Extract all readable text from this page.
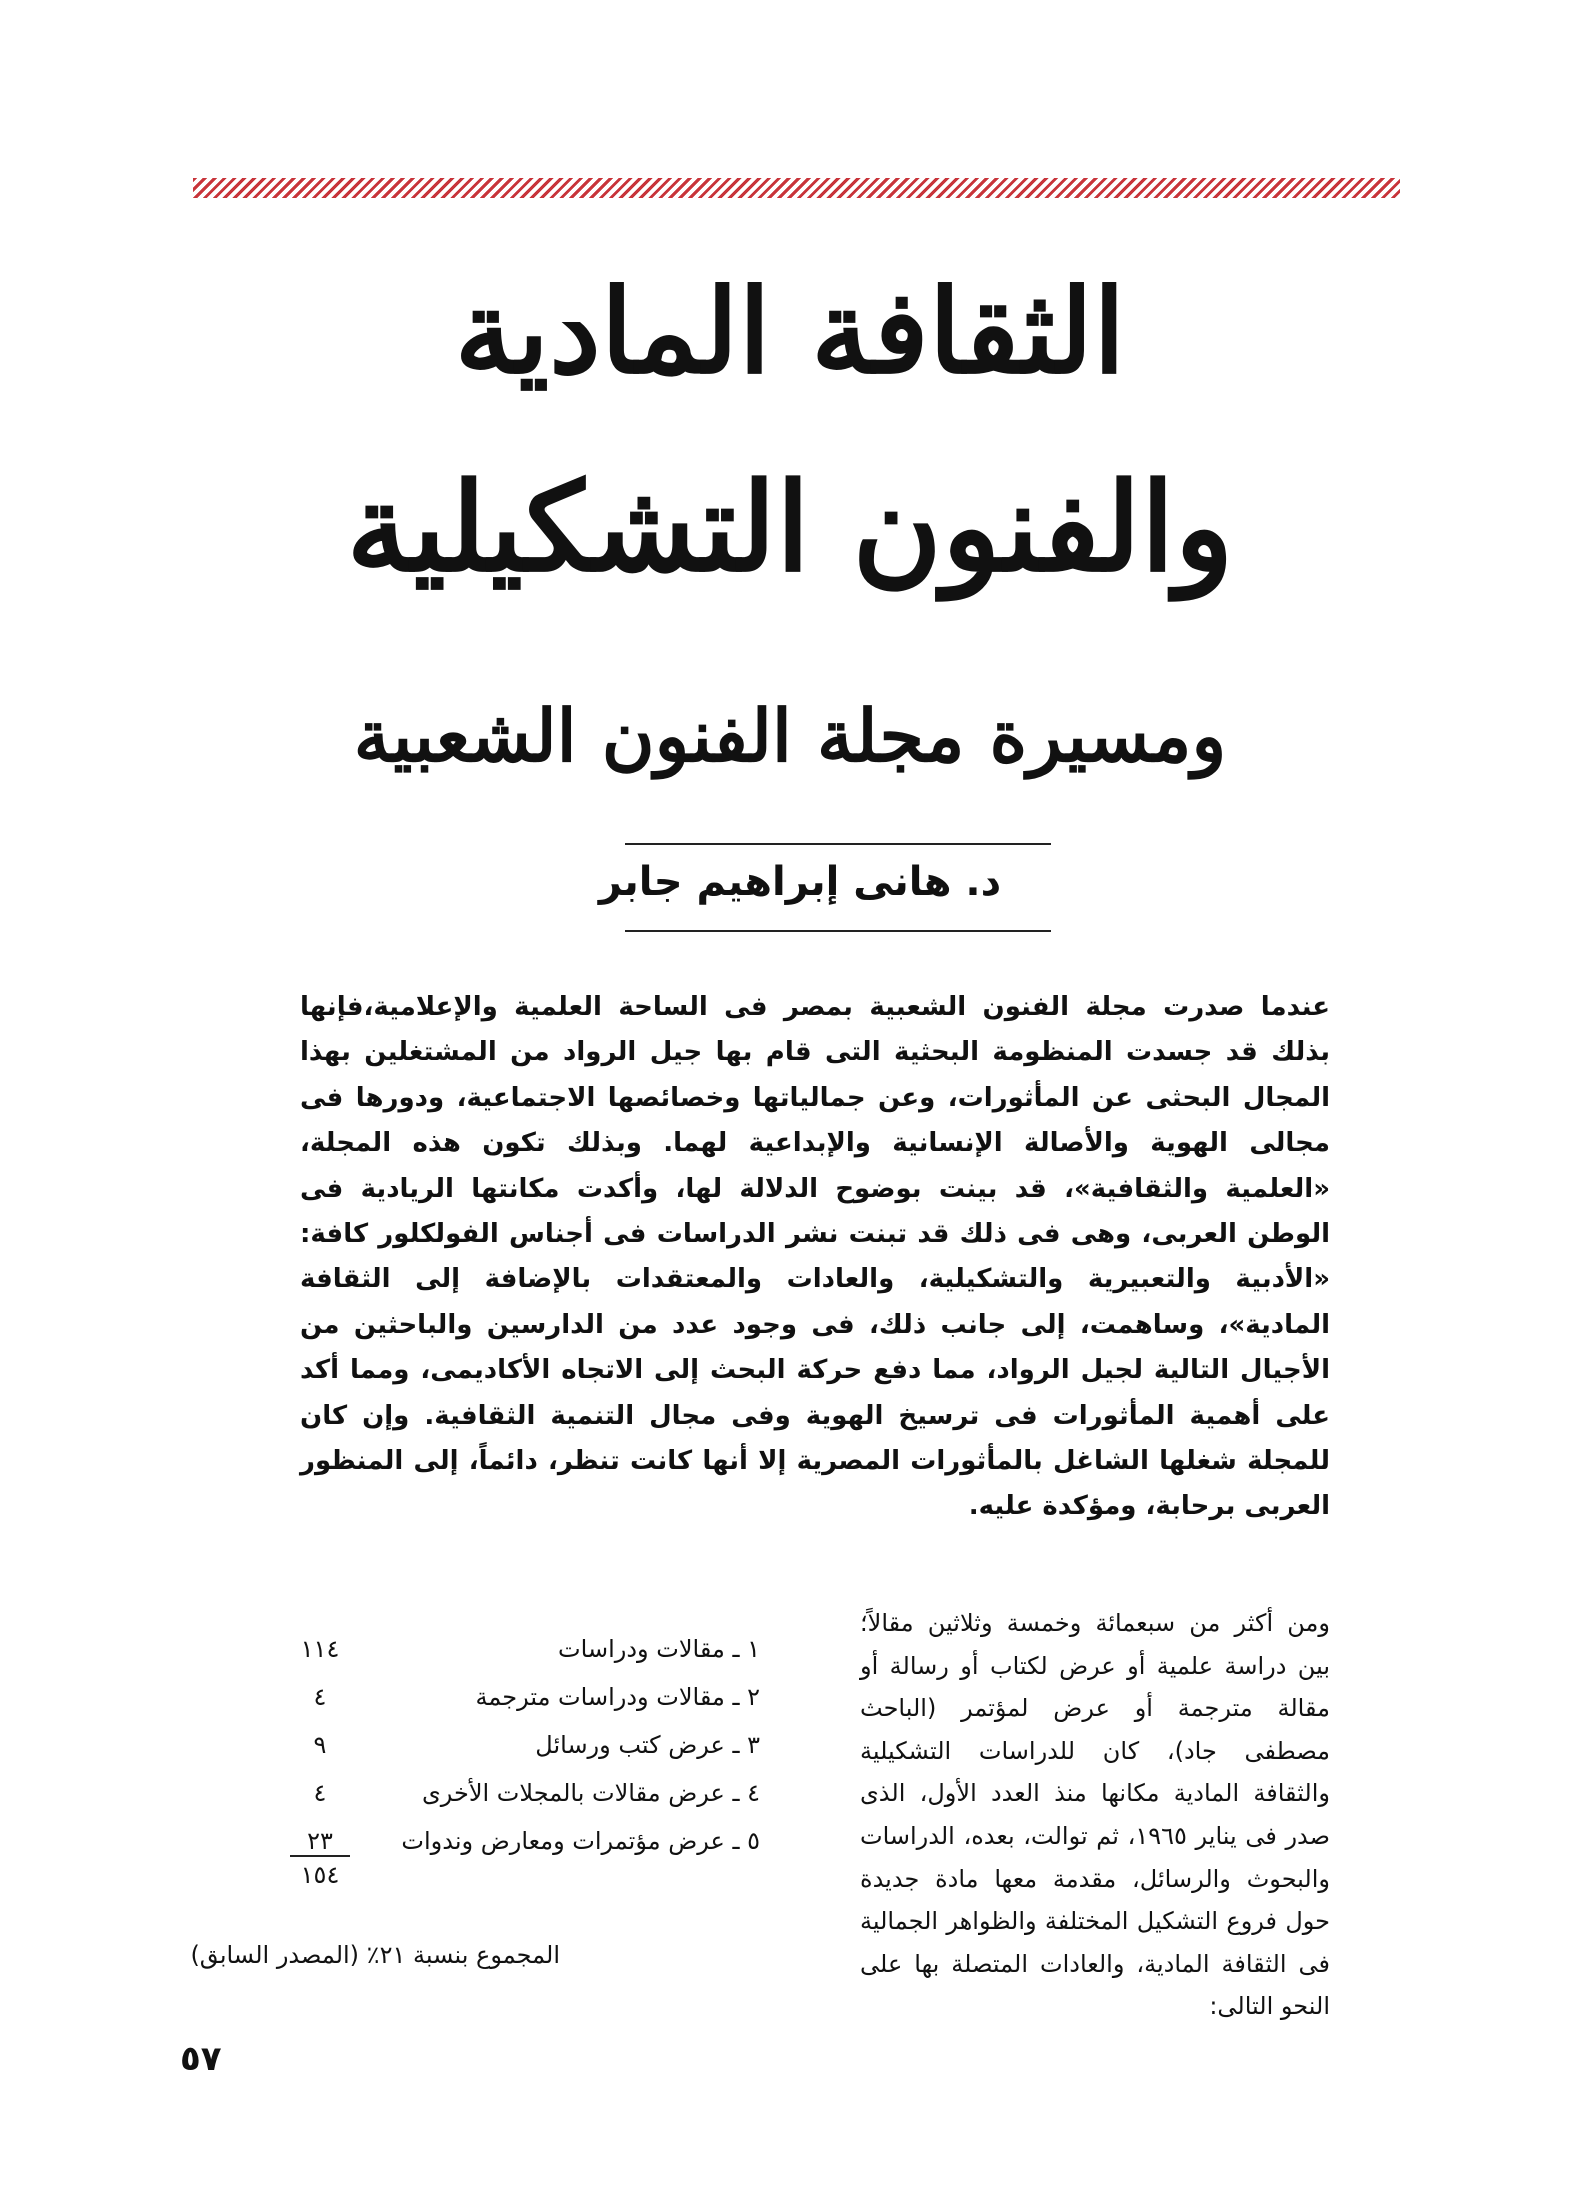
الثقافة المادية
والفنون التشكيلية
ومسيرة مجلة الفنون الشعبية
د. هانى إبراهيم جابر
عندما صدرت مجلة الفنون الشعبية بمصر فى الساحة العلمية والإعلامية،فإنها بذلك قد جسدت المنظومة البحثية التى قام بها جيل الرواد من المشتغلين بهذا المجال البحثى عن المأثورات، وعن جمالياتها وخصائصها الاجتماعية، ودورها فى مجالى الهوية والأصالة الإنسانية والإبداعية لهما. وبذلك تكون هذه المجلة، «العلمية والثقافية»، قد بينت بوضوح الدلالة لها، وأكدت مكانتها الريادية فى الوطن العربى، وهى فى ذلك قد تبنت نشر الدراسات فى أجناس الفولكلور كافة: «الأدبية والتعبيرية والتشكيلية، والعادات والمعتقدات بالإضافة إلى الثقافة المادية»، وساهمت، إلى جانب ذلك، فى وجود عدد من الدارسين والباحثين من الأجيال التالية لجيل الرواد، مما دفع حركة البحث إلى الاتجاه الأكاديمى، ومما أكد على أهمية المأثورات فى ترسيخ الهوية وفى مجال التنمية الثقافية. وإن كان للمجلة شغلها الشاغل بالمأثورات المصرية إلا أنها كانت تنظر، دائماً، إلى المنظور العربى برحابة، ومؤكدة عليه.
ومن أكثر من سبعمائة وخمسة وثلاثين مقالاً؛ بين دراسة علمية أو عرض لكتاب أو رسالة أو مقالة مترجمة أو عرض لمؤتمر (الباحث مصطفى جاد)، كان للدراسات التشكيلية والثقافة المادية مكانها منذ العدد الأول، الذى صدر فى يناير ١٩٦٥، ثم توالت، بعده، الدراسات والبحوث والرسائل، مقدمة معها مادة جديدة حول فروع التشكيل المختلفة والظواهر الجمالية فى الثقافة المادية، والعادات المتصلة بها على النحو التالى:
١ ـ مقالات ودراسات
١١٤
٢ ـ مقالات ودراسات مترجمة
٤
٣ ـ عرض كتب ورسائل
٩
٤ ـ عرض مقالات بالمجلات الأخرى
٤
٥ ـ عرض مؤتمرات ومعارض وندوات
٢٣
١٥٤
المجموع بنسبة ٢١٪ (المصدر السابق)
٥٧
